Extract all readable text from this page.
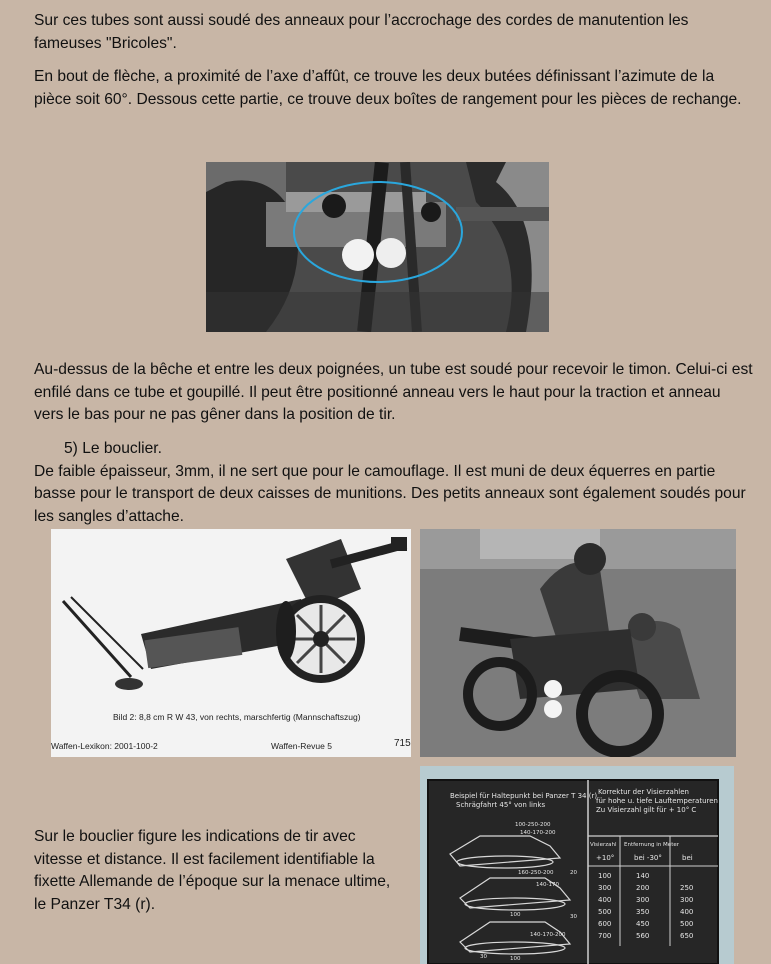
Sur ces tubes sont aussi soudé des anneaux pour l’accrochage des cordes de manutention les fameuses "Bricoles".

En bout de flèche, a proximité de l’axe d’affût, ce trouve les deux butées définissant l’azimute de la pièce soit 60°. Dessous cette partie, ce trouve deux boîtes de rangement pour les pièces de rechange.

Au-dessus de la bêche et entre les deux poignées, un tube est soudé pour recevoir le timon. Celui-ci est enfilé dans ce tube et goupillé. Il peut être positionné anneau vers le haut pour la traction et anneau vers le bas pour ne pas gêner dans la position de tir.

5) Le bouclier.
De faible épaisseur, 3mm, il ne sert que pour le camouflage. Il est muni de deux équerres en partie basse pour le transport de deux caisses de munitions. Des petits anneaux sont également soudés pour les sangles d’attache.
Bild 2: 8,8 cm R W 43, von rechts, marschfertig (Mannschaftszug)
Waffen-Lexikon: 2001-100-2	Waffen-Revue 5	715

Sur le bouclier figure les indications de tir avec vitesse et distance. Il est facilement identifiable la fixette Allemande de l’époque sur la menace ultime, le Panzer T34 (r).

Beispiel für Haltepunkt bei Panzer T 34 (r)
Schrägfahrt 45° von links
Korrektur der Visierzahlen
für hohe u. tiefe Lauftemperaturen
Zu Visierzahl gilt für + 10° C
Visierzahl Entfernung in Meter
+10°	bei -30°	bei
100	140
300	200	250
400	300	300
500	350	400
600	450	500
700	560	650
100-250-200
140-170-200
160-250-200	20
140-170
30
100
140-170-200
30	100
